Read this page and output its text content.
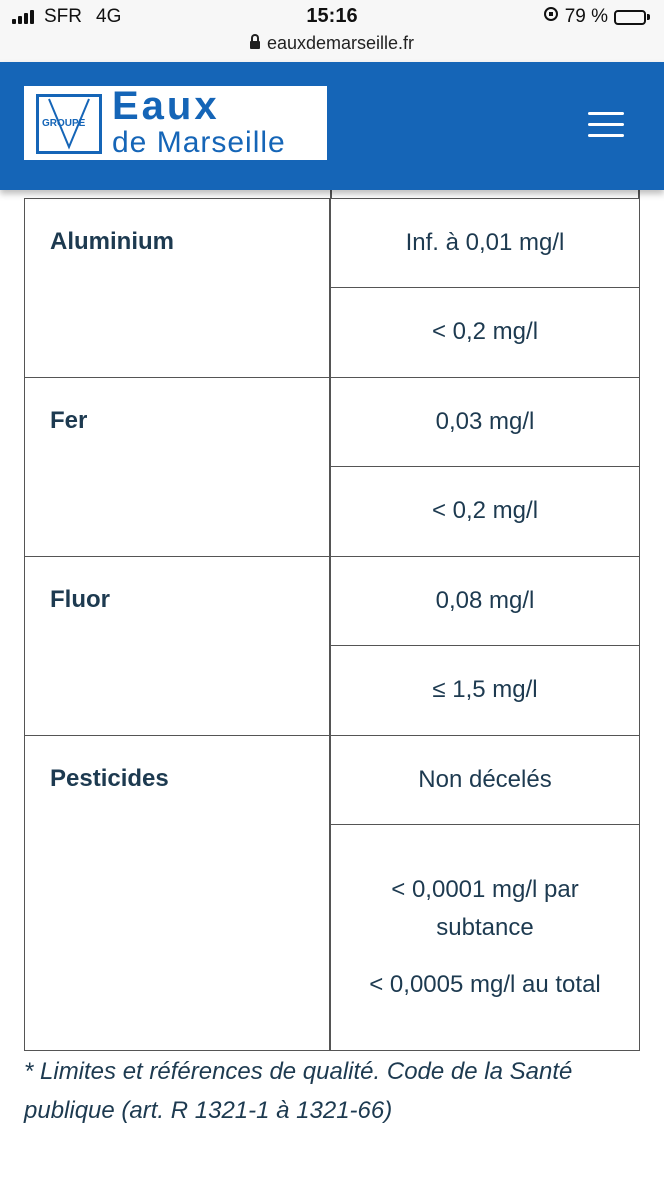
SFR 4G	15:16	79 %
eauxdemarseille.fr
GROUPE Eaux
de Marseille
Aluminium	Inf. à 0,01 mg/l
< 0,2 mg/l
Fer	0,03 mg/l
< 0,2 mg/l
Fluor	0,08 mg/l
≤ 1,5 mg/l
Pesticides	Non décelés

< 0,0001 mg/l par subtance

< 0,0005 mg/l au total

* Limites et références de qualité. Code de la Santé publique (art. R 1321-1 à 1321-66)
